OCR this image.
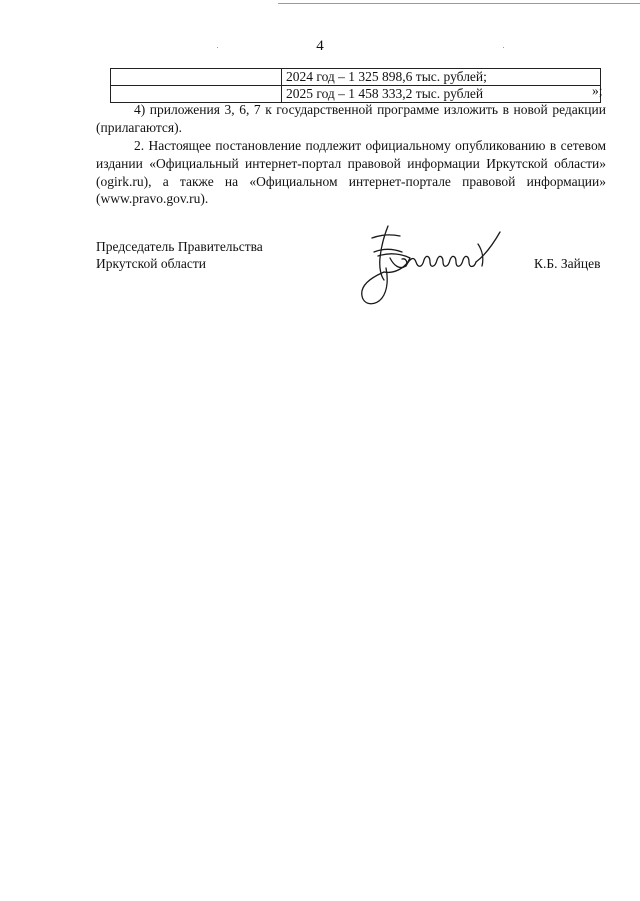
4

	2024 год – 1 325 898,6 тыс. рублей;

	2025 год – 1 458 333,2 тыс. рублей	»;

4) приложения 3, 6, 7 к государственной программе изложить в новой редакции (прилагаются).

2. Настоящее постановление подлежит официальному опубликованию в сетевом издании «Официальный интернет-портал правовой информации Иркутской области» (ogirk.ru), а также на «Официальном интернет-портале правовой информации» (www.pravo.gov.ru).

Председатель Правительства
Иркутской области	К.Б. Зайцев
